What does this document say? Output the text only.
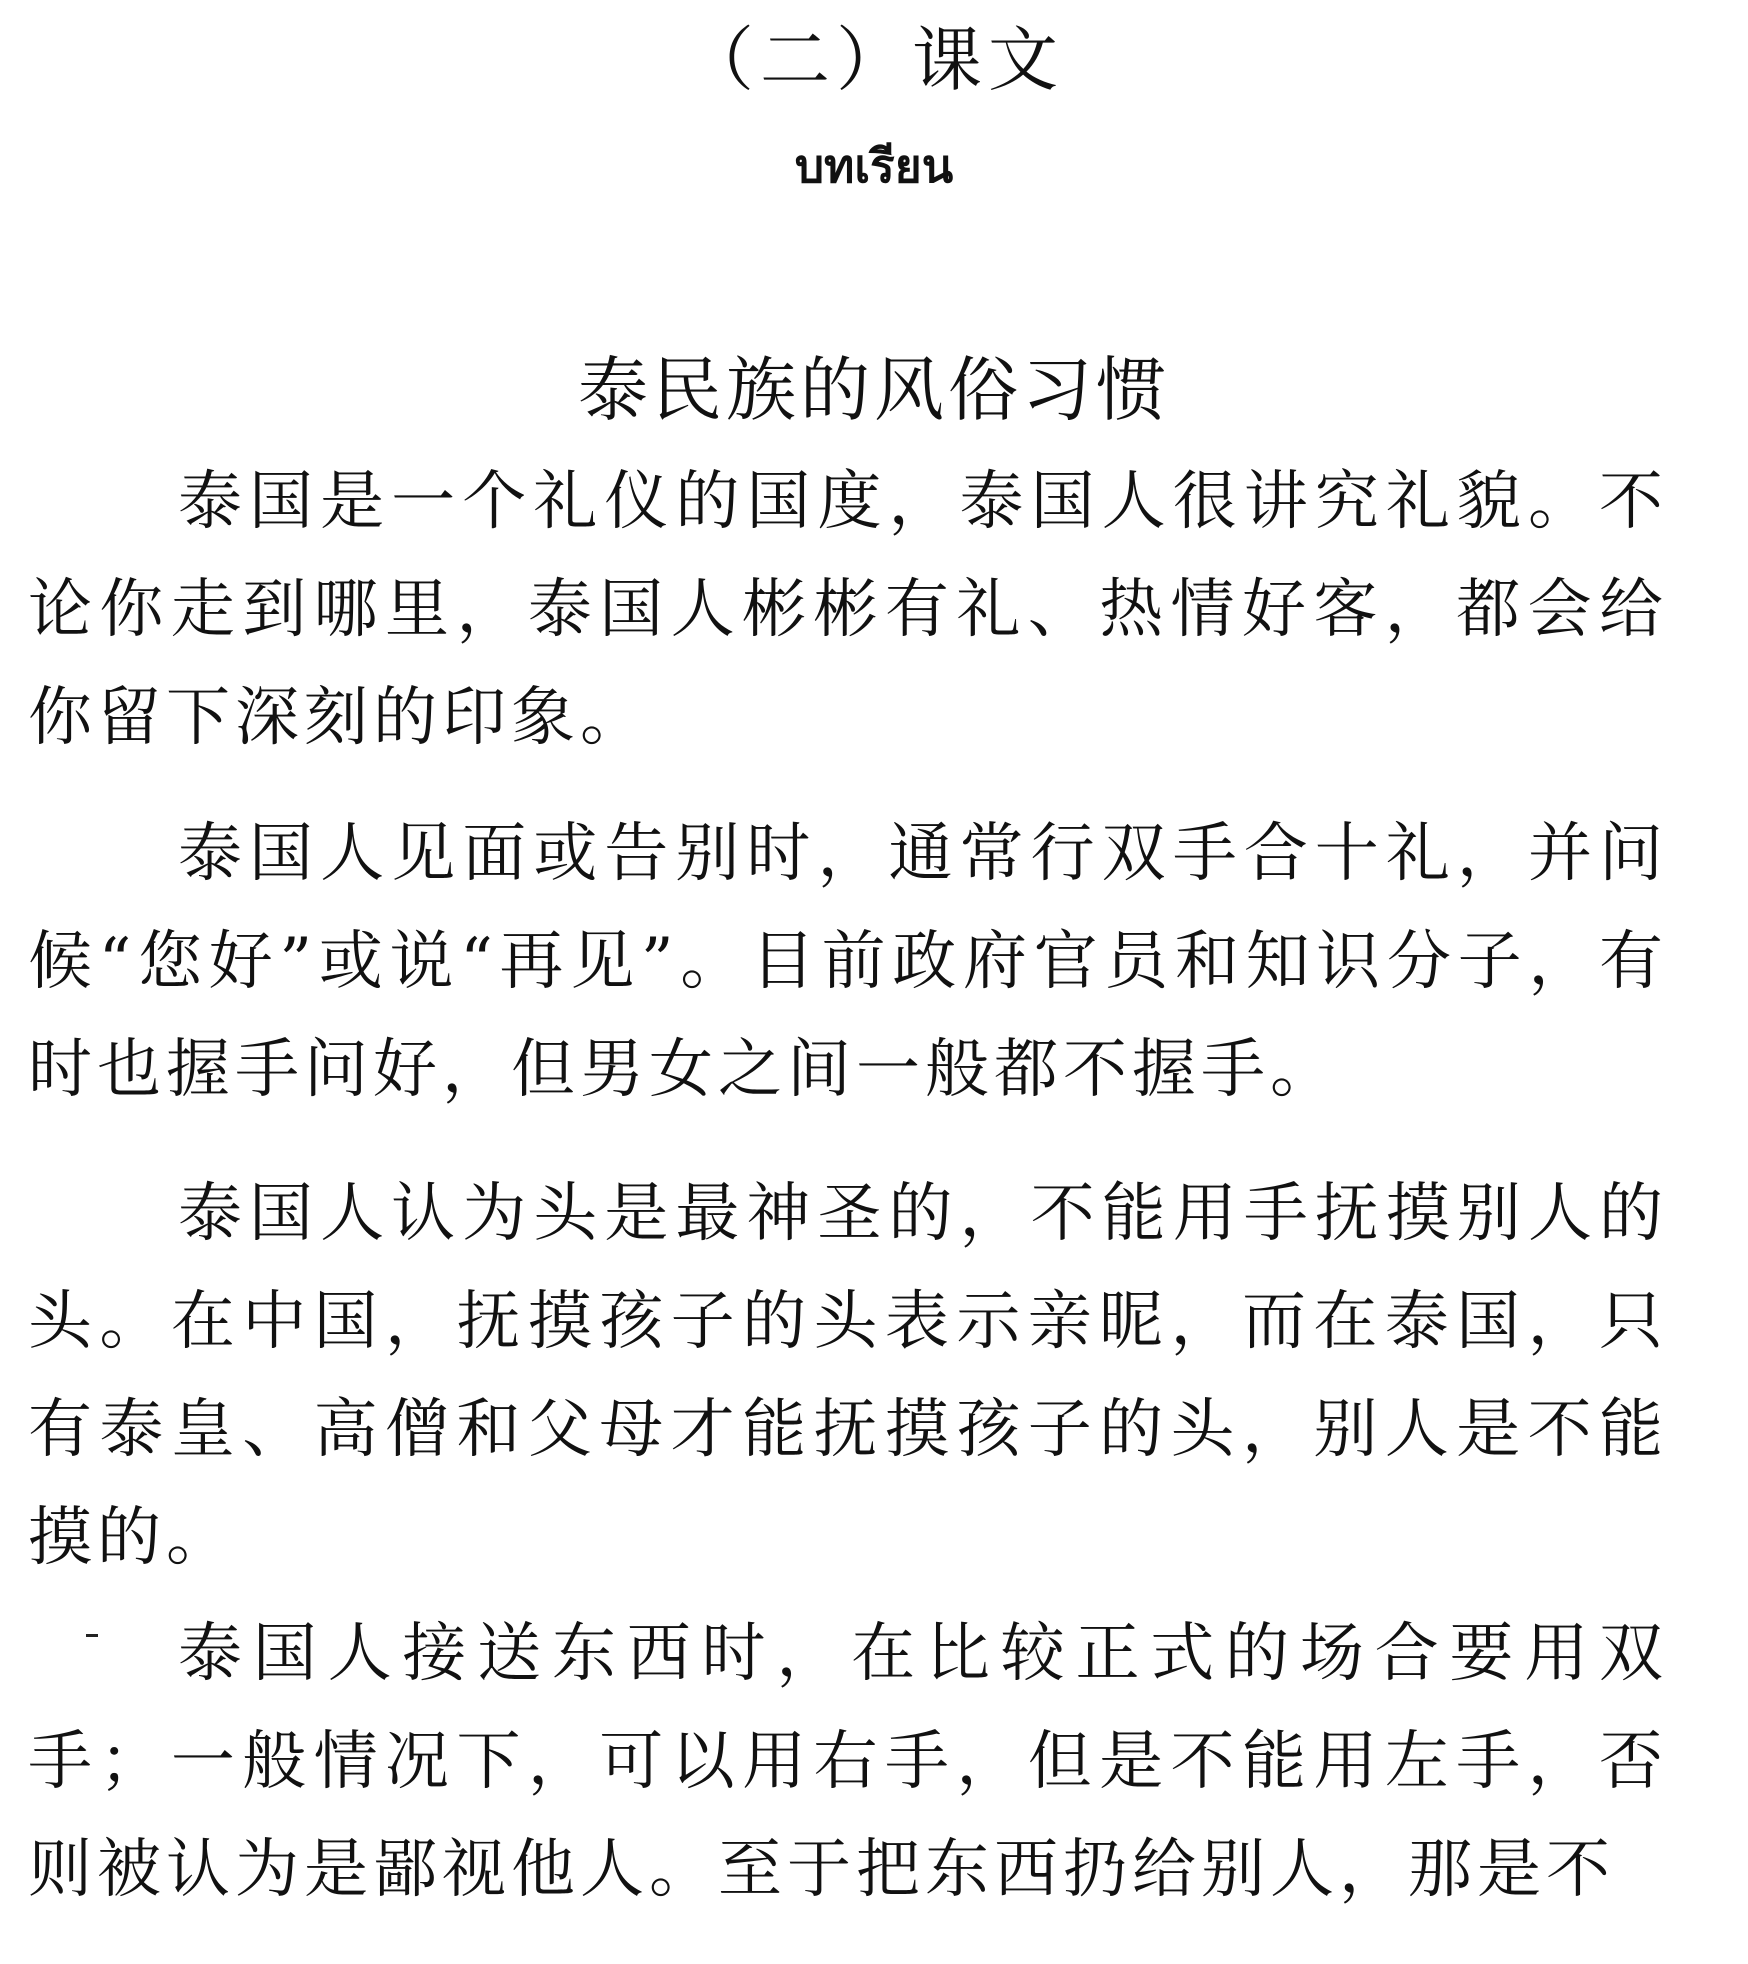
（二）课文
บทเรียน
泰民族的风俗习惯

泰国是一个礼仪的国度，泰国人很讲究礼貌。不论你走到哪里，泰国人彬彬有礼、热情好客，都会给你留下深刻的印象。

泰国人见面或告别时，通常行双手合十礼，并问候“您好”或说“再见”。目前政府官员和知识分子，有时也握手问好，但男女之间一般都不握手。

泰国人认为头是最神圣的，不能用手抚摸别人的头。在中国，抚摸孩子的头表示亲昵，而在泰国，只有泰皇、高僧和父母才能抚摸孩子的头，别人是不能摸的。

泰国人接送东西时，在比较正式的场合要用双手；一般情况下，可以用右手，但是不能用左手，否则被认为是鄙视他人。至于把东西扔给别人，那是不
